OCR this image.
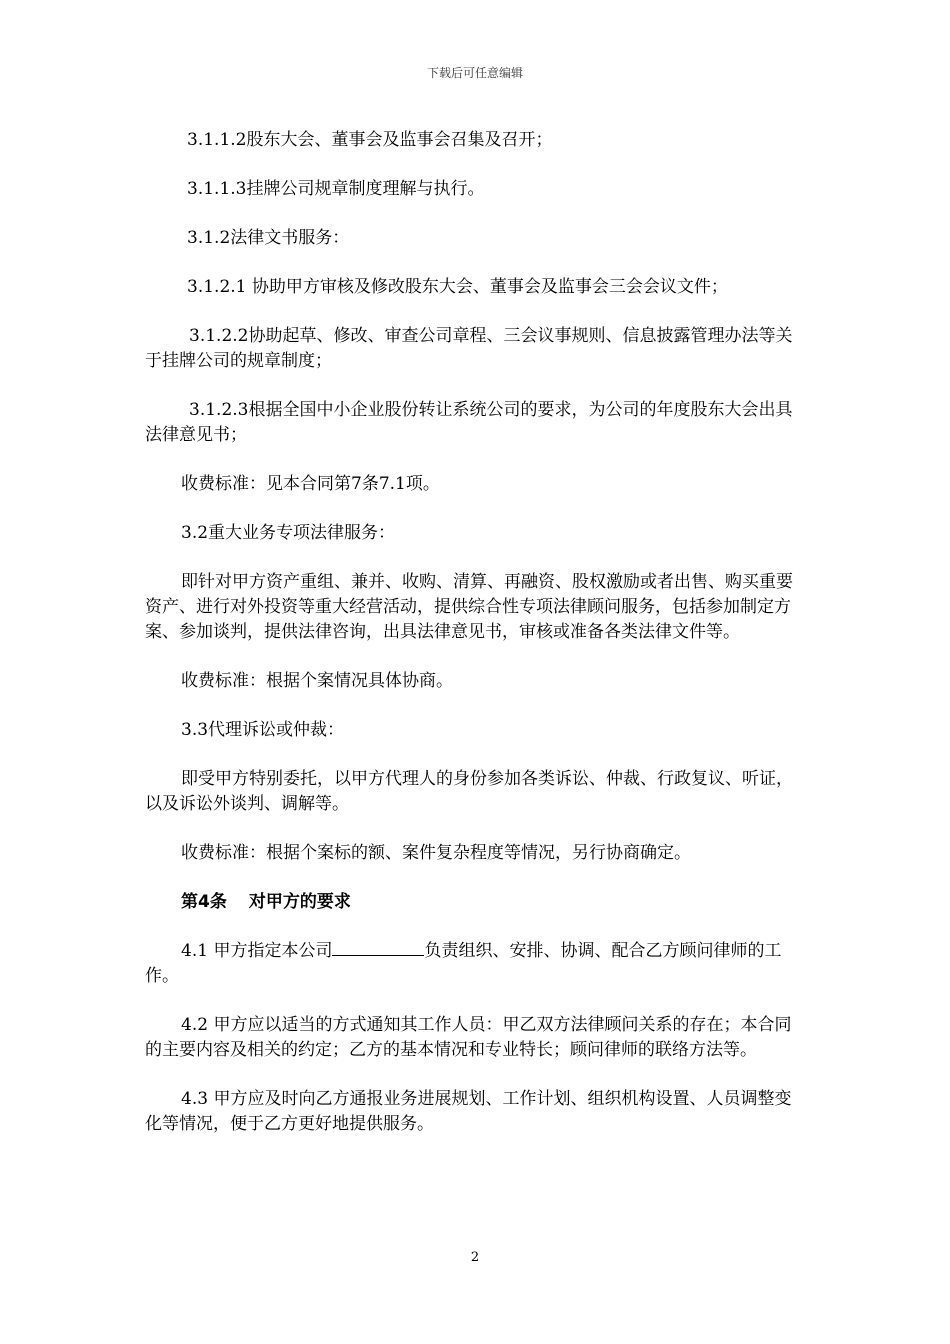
下载后可任意编辑

3.1.1.2股东大会、董事会及监事会召集及召开；

3.1.1.3挂牌公司规章制度理解与执行。

3.1.2法律文书服务：

3.1.2.1 协助甲方审核及修改股东大会、董事会及监事会三会会议文件；

3.1.2.2协助起草、修改、审查公司章程、三会议事规则、信息披露管理办法等关于挂牌公司的规章制度；

3.1.2.3根据全国中小企业股份转让系统公司的要求，为公司的年度股东大会出具法律意见书；

收费标准：见本合同第7条7.1项。

3.2重大业务专项法律服务：

即针对甲方资产重组、兼并、收购、清算、再融资、股权激励或者出售、购买重要资产、进行对外投资等重大经营活动，提供综合性专项法律顾问服务，包括参加制定方案、参加谈判，提供法律咨询，出具法律意见书，审核或准备各类法律文件等。

收费标准：根据个案情况具体协商。

3.3代理诉讼或仲裁：

即受甲方特别委托，以甲方代理人的身份参加各类诉讼、仲裁、行政复议、听证，以及诉讼外谈判、调解等。

收费标准：根据个案标的额、案件复杂程度等情况，另行协商确定。

第4条 对甲方的要求

4.1 甲方指定本公司	负责组织、安排、协调、配合乙方顾问律师的工作。

4.2 甲方应以适当的方式通知其工作人员：甲乙双方法律顾问关系的存在；本合同的主要内容及相关的约定；乙方的基本情况和专业特长；顾问律师的联络方法等。

4.3 甲方应及时向乙方通报业务进展规划、工作计划、组织机构设置、人员调整变化等情况，便于乙方更好地提供服务。

2
